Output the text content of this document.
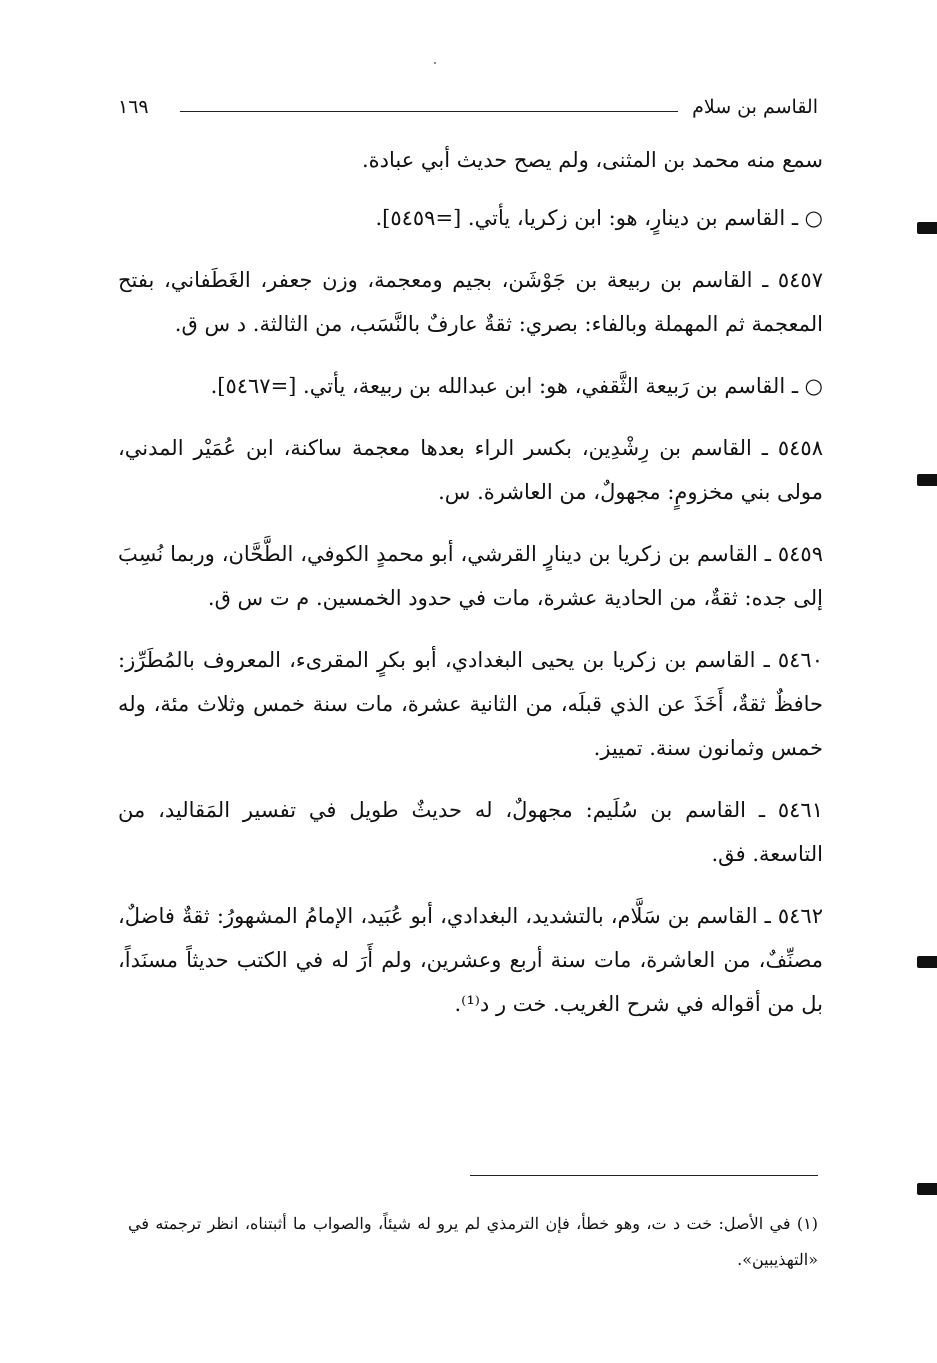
القاسم بن سلام
١٦٩

سمع منه محمد بن المثنى، ولم يصح حديث أبي عبادة.

○ ـ القاسم بن دينارٍ، هو: ابن زكريا، يأتي. [=٥٤٥٩].

٥٤٥٧ ـ القاسم بن ربيعة بن جَوْشَن، بجيم ومعجمة، وزن جعفر، الغَطَفاني، بفتح المعجمة ثم المهملة وبالفاء: بصري: ثقةٌ عارفٌ بالنَّسَب، من الثالثة. د س ق.

○ ـ القاسم بن رَبيعة الثَّقفي، هو: ابن عبدالله بن ربيعة، يأتي. [=٥٤٦٧].

٥٤٥٨ ـ القاسم بن رِشْدِين، بكسر الراء بعدها معجمة ساكنة، ابن عُمَيْر المدني، مولى بني مخزومٍ: مجهولٌ، من العاشرة. س.

٥٤٥٩ ـ القاسم بن زكريا بن دينارٍ القرشي، أبو محمدٍ الكوفي، الطَّحَّان، وربما نُسِبَ إلى جده: ثقةٌ، من الحادية عشرة، مات في حدود الخمسين. م ت س ق.

٥٤٦٠ ـ القاسم بن زكريا بن يحيى البغدادي، أبو بكرٍ المقرىء، المعروف بالمُطَرِّز: حافظٌ ثقةٌ، أَخَذَ عن الذي قبلَه، من الثانية عشرة، مات سنة خمس وثلاث مئة، وله خمس وثمانون سنة. تمييز.

٥٤٦١ ـ القاسم بن سُلَيم: مجهولٌ، له حديثٌ طويل في تفسير المَقاليد، من التاسعة. فق.

٥٤٦٢ ـ القاسم بن سَلَّام، بالتشديد، البغدادي، أبو عُبَيد، الإمامُ المشهورُ: ثقةٌ فاضلٌ، مصنِّفٌ، من العاشرة، مات سنة أربع وعشرين، ولم أَرَ له في الكتب حديثاً مسنَداً، بل من أقواله في شرح الغريب. خت ر د⁽¹⁾.

(١) في الأصل: خت د ت، وهو خطأ، فإن الترمذي لم يرو له شيئاً، والصواب ما أثبتناه، انظر ترجمته في «التهذيبين».
